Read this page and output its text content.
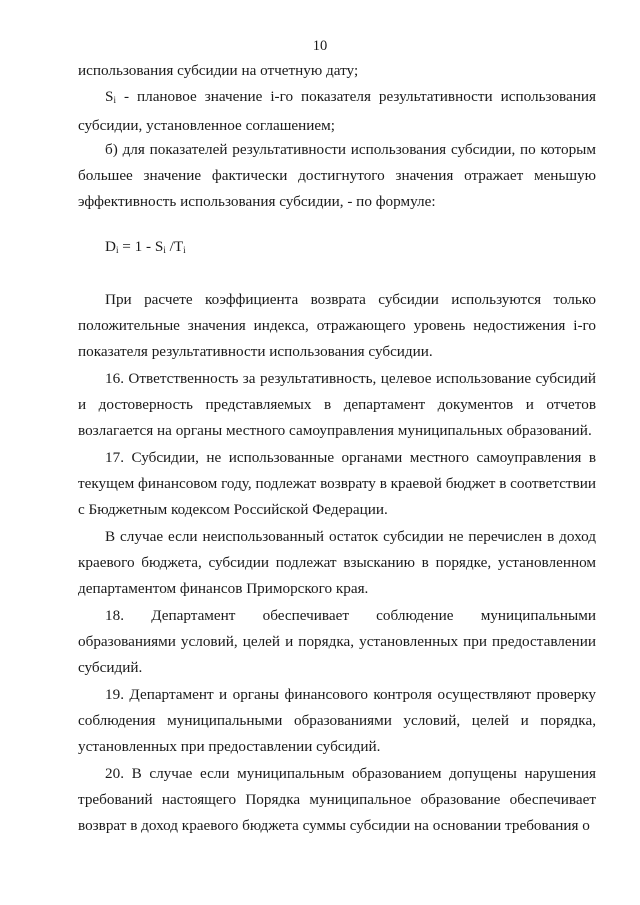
10
использования субсидии на отчетную дату;
$S_i$ - плановое значение i-го показателя результативности использования субсидии, установленное соглашением;
б) для показателей результативности использования субсидии, по которым большее значение фактически достигнутого значения отражает меньшую эффективность использования субсидии, - по формуле:
$D_i = 1 - S_i$ $/T_i$
При расчете коэффициента возврата субсидии используются только положительные значения индекса, отражающего уровень недостижения i-го показателя результативности использования субсидии.
16. Ответственность за результативность, целевое использование субсидий и достоверность представляемых в департамент документов и отчетов возлагается на органы местного самоуправления муниципальных образований.
17. Субсидии, не использованные органами местного самоуправления в текущем финансовом году, подлежат возврату в краевой бюджет в соответствии с Бюджетным кодексом Российской Федерации.
В случае если неиспользованный остаток субсидии не перечислен в доход краевого бюджета, субсидии подлежат взысканию в порядке, установленном департаментом финансов Приморского края.
18. Департамент обеспечивает соблюдение муниципальными образованиями условий, целей и порядка, установленных при предоставлении субсидий.
19. Департамент и органы финансового контроля осуществляют проверку соблюдения муниципальными образованиями условий, целей и порядка, установленных при предоставлении субсидий.
20. В случае если муниципальным образованием допущены нарушения требований настоящего Порядка муниципальное образование обеспечивает возврат в доход краевого бюджета суммы субсидии на основании требования о
